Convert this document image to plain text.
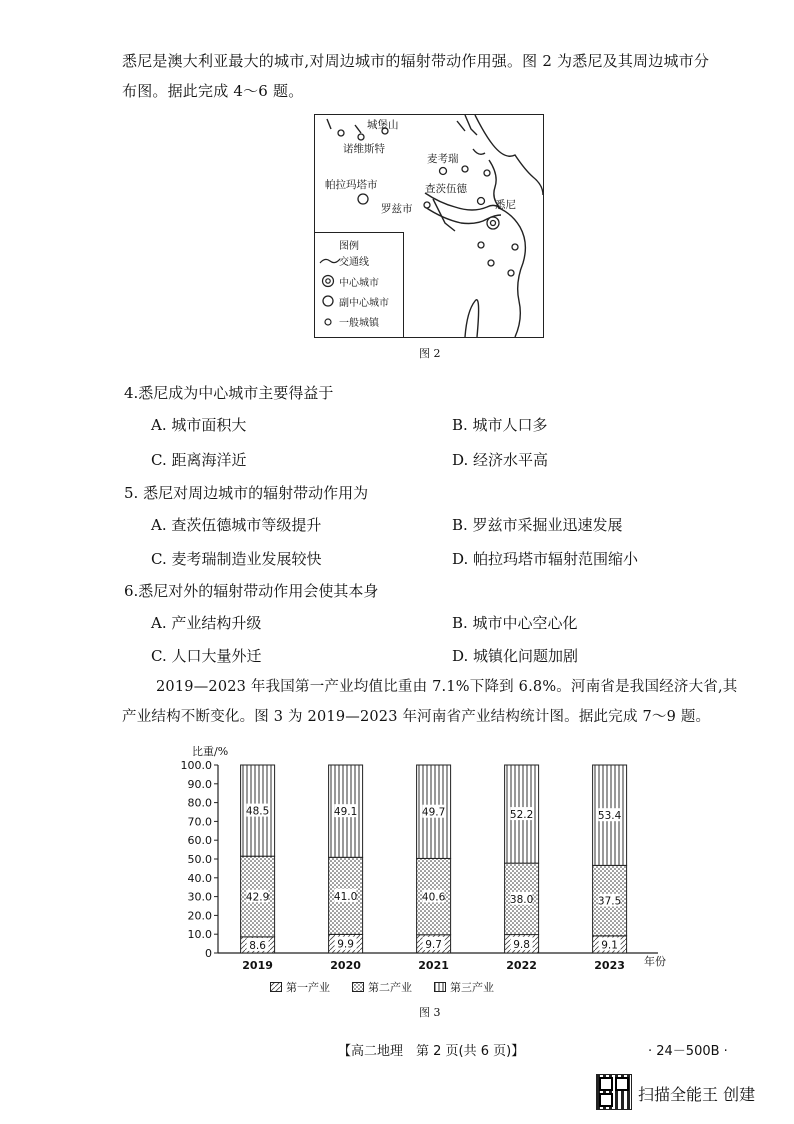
悉尼是澳大利亚最大的城市,对周边城市的辐射带动作用强。图 2 为悉尼及其周边城市分
布图。据此完成 4～6 题。
城堡山
诺维斯特
麦考瑞
帕拉玛塔市	查茨伍德
罗兹市	悉尼
图例
交通线
中心城市
副中心城市
一般城镇
图 2
4.悉尼成为中心城市主要得益于
A. 城市面积大	B. 城市人口多
C. 距离海洋近	D. 经济水平高
5. 悉尼对周边城市的辐射带动作用为
A. 查茨伍德城市等级提升	B. 罗兹市采掘业迅速发展
C. 麦考瑞制造业发展较快	D. 帕拉玛塔市辐射范围缩小
6.悉尼对外的辐射带动作用会使其本身
A. 产业结构升级	B. 城市中心空心化
C. 人口大量外迁	D. 城镇化问题加剧
2019—2023 年我国第一产业均值比重由 7.1%下降到 6.8%。河南省是我国经济大省,其
产业结构不断变化。图 3 为 2019—2023 年河南省产业结构统计图。据此完成 7～9 题。
0
10.0
20.0
30.0
40.0
50.0
60.0
70.0
80.0
90.0
100.0
8.6
42.9
48.5
2019
9.9
41.0
49.1
2020
9.7
40.6
49.7
2021
9.8
38.0
52.2
2022
9.1
37.5
53.4
2023
比重/%
年份
第一产业	第二产业	第三产业
图 3
【高二地理　第 2 页(共 6 页)】	· 24－500B ·
扫描全能王 创建
